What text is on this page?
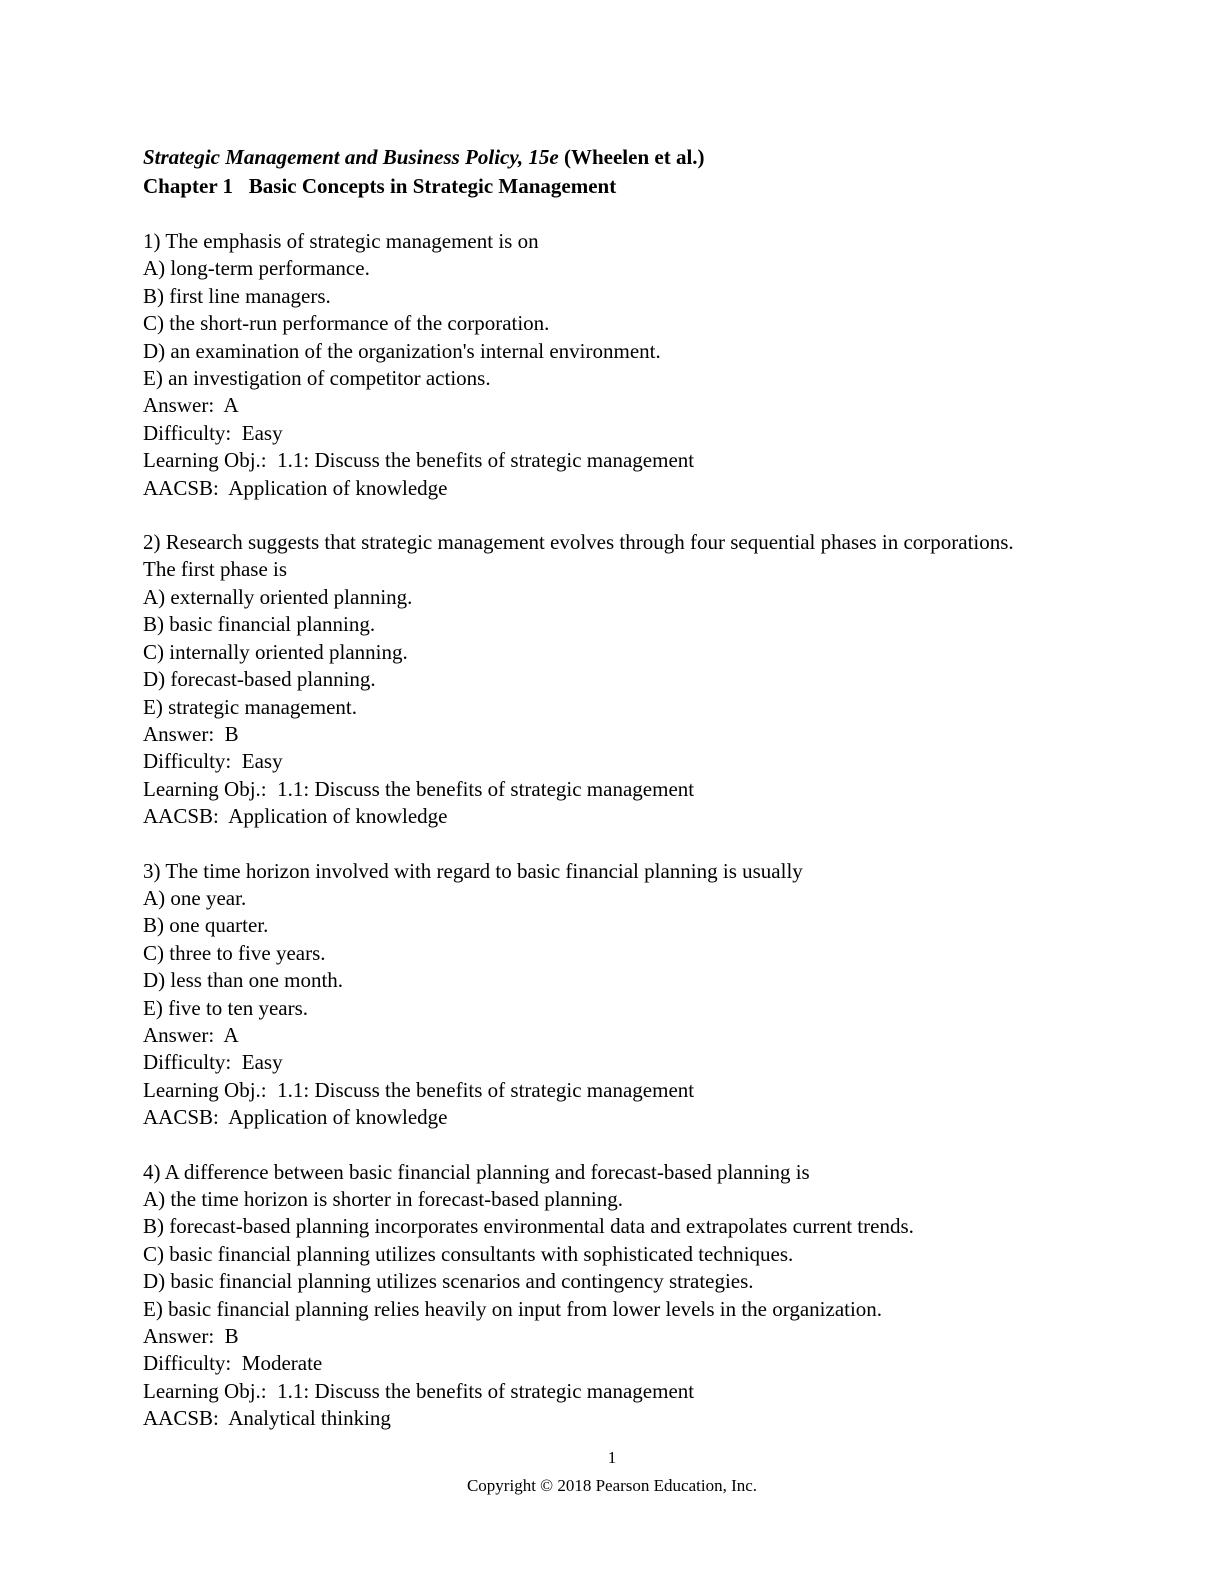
Strategic Management and Business Policy, 15e (Wheelen et al.)
Chapter 1   Basic Concepts in Strategic Management
1) The emphasis of strategic management is on
A) long-term performance.
B) first line managers.
C) the short-run performance of the corporation.
D) an examination of the organization's internal environment.
E) an investigation of competitor actions.
Answer:  A
Difficulty:  Easy
Learning Obj.:  1.1: Discuss the benefits of strategic management
AACSB:  Application of knowledge
2) Research suggests that strategic management evolves through four sequential phases in corporations. The first phase is
A) externally oriented planning.
B) basic financial planning.
C) internally oriented planning.
D) forecast-based planning.
E) strategic management.
Answer:  B
Difficulty:  Easy
Learning Obj.:  1.1: Discuss the benefits of strategic management
AACSB:  Application of knowledge
3) The time horizon involved with regard to basic financial planning is usually
A) one year.
B) one quarter.
C) three to five years.
D) less than one month.
E) five to ten years.
Answer:  A
Difficulty:  Easy
Learning Obj.:  1.1: Discuss the benefits of strategic management
AACSB:  Application of knowledge
4) A difference between basic financial planning and forecast-based planning is
A) the time horizon is shorter in forecast-based planning.
B) forecast-based planning incorporates environmental data and extrapolates current trends.
C) basic financial planning utilizes consultants with sophisticated techniques.
D) basic financial planning utilizes scenarios and contingency strategies.
E) basic financial planning relies heavily on input from lower levels in the organization.
Answer:  B
Difficulty:  Moderate
Learning Obj.:  1.1: Discuss the benefits of strategic management
AACSB:  Analytical thinking
1
Copyright © 2018 Pearson Education, Inc.
